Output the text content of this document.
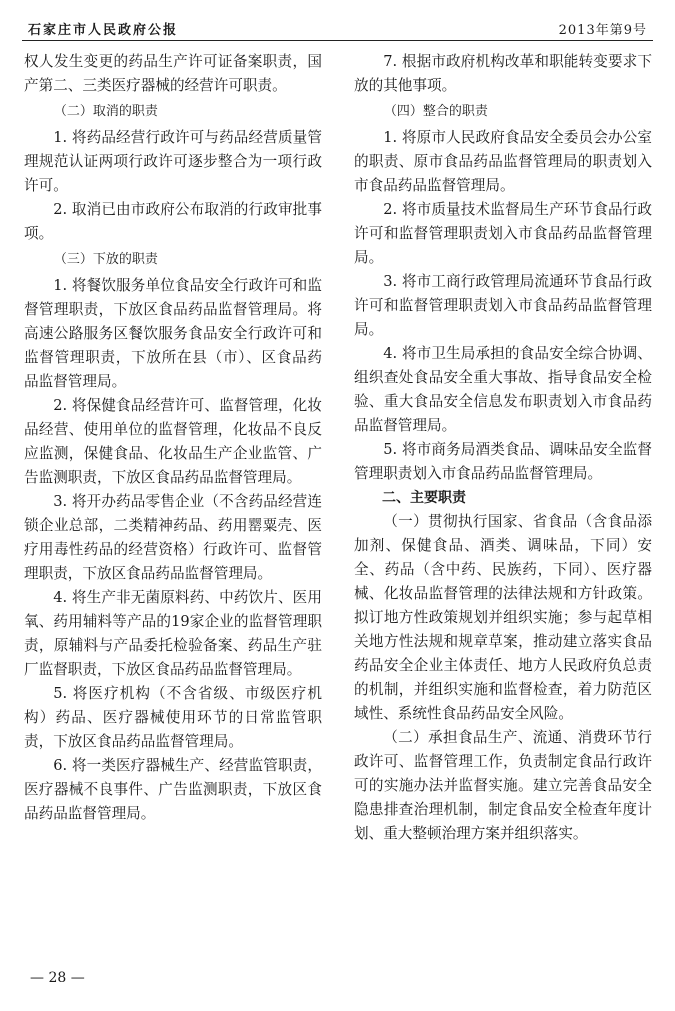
石家庄市人民政府公报	2013年第9号

权人发生变更的药品生产许可证备案职责，国产第二、三类医疗器械的经营许可职责。

（二）取消的职责

1. 将药品经营行政许可与药品经营质量管理规范认证两项行政许可逐步整合为一项行政许可。

2. 取消已由市政府公布取消的行政审批事项。

（三）下放的职责

1. 将餐饮服务单位食品安全行政许可和监督管理职责，下放区食品药品监督管理局。将高速公路服务区餐饮服务食品安全行政许可和监督管理职责，下放所在县（市）、区食品药品监督管理局。

2. 将保健食品经营许可、监督管理，化妆品经营、使用单位的监督管理，化妆品不良反应监测，保健食品、化妆品生产企业监管、广告监测职责，下放区食品药品监督管理局。

3. 将开办药品零售企业（不含药品经营连锁企业总部，二类精神药品、药用罂粟壳、医疗用毒性药品的经营资格）行政许可、监督管理职责，下放区食品药品监督管理局。

4. 将生产非无菌原料药、中药饮片、医用氧、药用辅料等产品的19家企业的监督管理职责，原辅料与产品委托检验备案、药品生产驻厂监督职责，下放区食品药品监督管理局。

5. 将医疗机构（不含省级、市级医疗机构）药品、医疗器械使用环节的日常监管职责，下放区食品药品监督管理局。

6. 将一类医疗器械生产、经营监管职责，医疗器械不良事件、广告监测职责，下放区食品药品监督管理局。

7. 根据市政府机构改革和职能转变要求下放的其他事项。

（四）整合的职责

1. 将原市人民政府食品安全委员会办公室的职责、原市食品药品监督管理局的职责划入市食品药品监督管理局。

2. 将市质量技术监督局生产环节食品行政许可和监督管理职责划入市食品药品监督管理局。

3. 将市工商行政管理局流通环节食品行政许可和监督管理职责划入市食品药品监督管理局。

4. 将市卫生局承担的食品安全综合协调、组织查处食品安全重大事故、指导食品安全检验、重大食品安全信息发布职责划入市食品药品监督管理局。

5. 将市商务局酒类食品、调味品安全监督管理职责划入市食品药品监督管理局。

二、主要职责

（一）贯彻执行国家、省食品（含食品添加剂、保健食品、酒类、调味品，下同）安全、药品（含中药、民族药，下同）、医疗器械、化妆品监督管理的法律法规和方针政策。拟订地方性政策规划并组织实施；参与起草相关地方性法规和规章草案，推动建立落实食品药品安全企业主体责任、地方人民政府负总责的机制，并组织实施和监督检查，着力防范区域性、系统性食品药品安全风险。

（二）承担食品生产、流通、消费环节行政许可、监督管理工作，负责制定食品行政许可的实施办法并监督实施。建立完善食品安全隐患排查治理机制，制定食品安全检查年度计划、重大整顿治理方案并组织落实。

— 28 —
